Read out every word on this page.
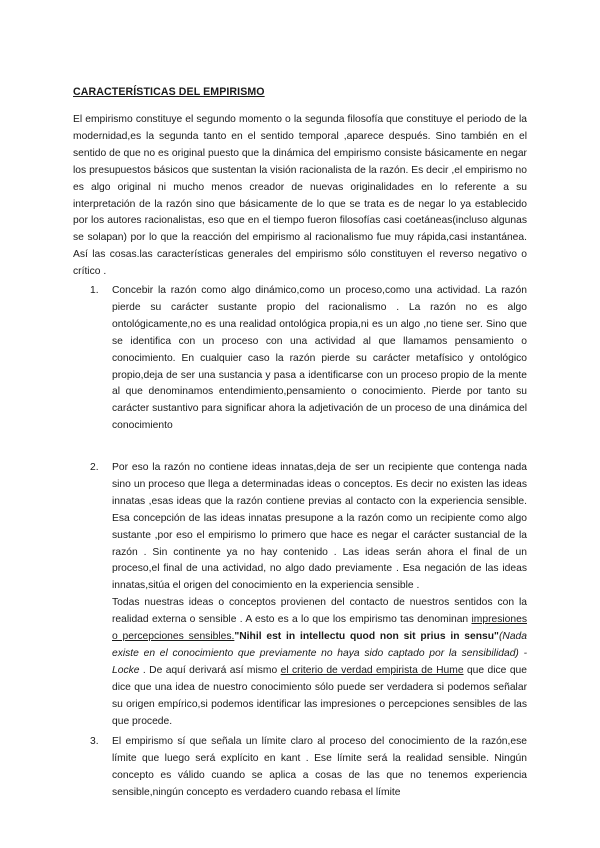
CARACTERÍSTICAS DEL EMPIRISMO

El empirismo constituye el segundo momento o la segunda filosofía que constituye el periodo de la modernidad,es la segunda tanto en el sentido temporal ,aparece después. Sino también en el sentido de que no es original puesto que la dinámica del empirismo consiste básicamente en negar los presupuestos básicos que sustentan la visión racionalista de la razón. Es decir ,el empirismo no es algo original ni mucho menos creador de nuevas originalidades en lo referente a su interpretación de la razón sino que básicamente de lo que se trata es de negar lo ya establecido por los autores racionalistas, eso que en el tiempo fueron filosofías casi coetáneas(incluso algunas se solapan) por lo que la reacción del empirismo al racionalismo fue muy rápida,casi instantánea. Así las cosas.las características generales del empirismo sólo constituyen el reverso negativo o crítico .

1. Concebir la razón como algo dinámico,como un proceso,como una actividad. La razón pierde su carácter sustante propio del racionalismo . La razón no es algo ontológicamente,no es una realidad ontológica propia,ni es un algo ,no tiene ser. Sino que se identifica con un proceso con una actividad al que llamamos pensamiento o conocimiento. En cualquier caso la razón pierde su carácter metafísico y ontológico propio,deja de ser una sustancia y pasa a identificarse con un proceso propio de la mente al que denominamos entendimiento,pensamiento o conocimiento. Pierde por tanto su carácter sustantivo para significar ahora la adjetivación de un proceso de una dinámica del conocimiento

2. Por eso la razón no contiene ideas innatas,deja de ser un recipiente que contenga nada sino un proceso que llega a determinadas ideas o conceptos. Es decir no existen las ideas innatas ,esas ideas que la razón contiene previas al contacto con la experiencia sensible. Esa concepción de las ideas innatas presupone a la razón como un recipiente como algo sustante ,por eso el empirismo lo primero que hace es negar el carácter sustancial de la razón . Sin continente ya no hay contenido . Las ideas serán ahora el final de un proceso,el final de una actividad, no algo dado previamente . Esa negación de las ideas innatas,sitúa el origen del conocimiento en la experiencia sensible .

Todas nuestras ideas o conceptos provienen del contacto de nuestros sentidos con la realidad externa o sensible . A esto es a lo que los empirismo tas denominan impresiones o percepciones sensibles."Nihil est in intellectu quod non sit prius in sensu"(Nada existe en el conocimiento que previamente no haya sido captado por la sensibilidad) -Locke . De aquí derivará así mismo el criterio de verdad empirista de Hume que dice que dice que una idea de nuestro conocimiento sólo puede ser verdadera si podemos señalar su origen empírico,si podemos identificar las impresiones o percepciones sensibles de las que procede.

3. El empirismo sí que señala un límite claro al proceso del conocimiento de la razón,ese límite que luego será explícito en kant . Ese límite será la realidad sensible. Ningún concepto es válido cuando se aplica a cosas de las que no tenemos experiencia sensible,ningún concepto es verdadero cuando rebasa el límite
